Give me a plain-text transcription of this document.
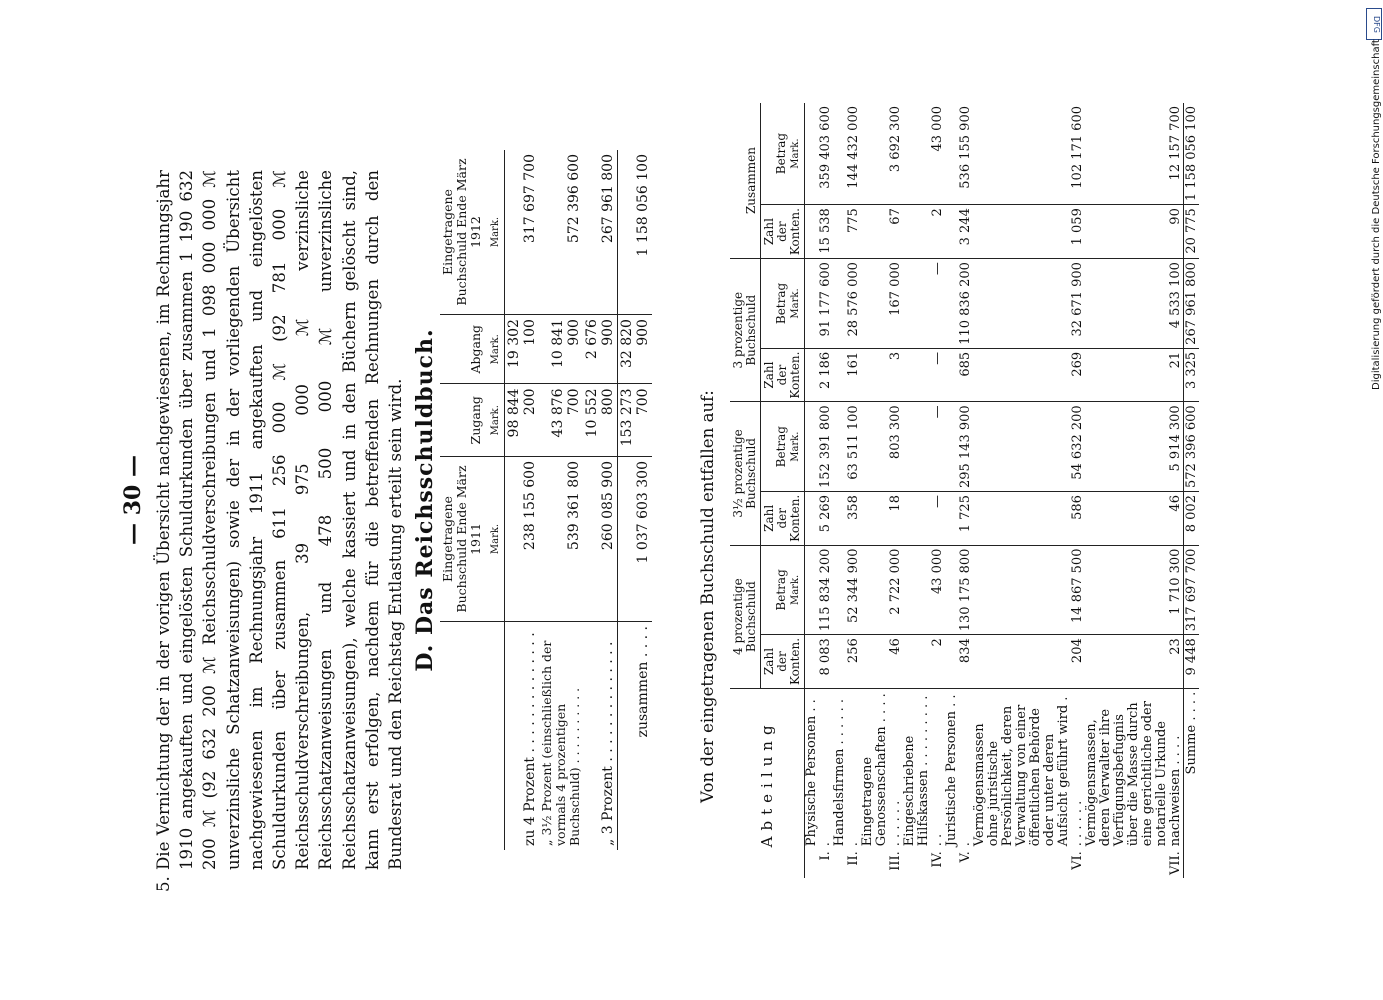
— 30 —
5.

Die Vernichtung der in der vorigen Übersicht nachgewiesenen, im Rechnungsjahr 1910 angekauften und eingelösten Schuldurkunden über zusammen 1 190 632 200 ℳ (92 632 200 ℳ Reichsschuldverschreibungen und 1 098 000 000 ℳ unverzinsliche Schatzanweisungen) sowie der in der vorliegenden Übersicht nachgewiesenen im Rechnungsjahr 1911 angekauften und eingelösten Schuldurkunden über zusammen 611 256 000 ℳ (92 781 000 ℳ Reichsschuldverschreibungen, 39 975 000 ℳ verzinsliche Reichsschatzanweisungen und 478 500 000 ℳ unverzinsliche Reichsschatzanweisungen), welche kassiert und in den Büchern gelöscht sind, kann erst erfolgen, nachdem für die betreffenden Rechnungen durch den Bundesrat und den Reichstag Entlastung erteilt sein wird. D. Das Reichsschuldbuch.
	Eingetragene Buchschuld Ende März 1911 Mark.	Zugang Mark.	Abgang Mark.	Eingetragene Buchschuld Ende März 1912 Mark.

zu 4 Prozent . . . . . . . . . . . . . .	238 155 600	98 844 200	19 302 100	317 697 700
„ 3½ Prozent (einschließlich der vormals 4 prozentigen Buchschuld) . . . . . . . . . .	539 361 800	43 876 700	10 841 900	572 396 600
„ 3 Prozent . . . . . . . . . . . . . .	260 085 900	10 552 800	2 676 900	267 961 800
zusammen . . . .	1 037 603 300	153 273 700	32 820 900	1 158 056 100
Von der eingetragenen Buchschuld entfallen auf:	Abteilung		4 prozentige Buchschuld		3½ prozentige Buchschuld		3 prozentige Buchschuld		Zusammen	
		Zahl der Konten.	Betrag Mark.	Zahl der Konten.	Betrag Mark.	Zahl der Konten.	Betrag Mark.	Zahl der Konten.	Betrag Mark.
I.	Physische Personen . . .	8 083	115 834 200	5 269	152 391 800	2 186	91 177 600	15 538	359 403 600
II.	Handelsfirmen . . . . . . .	256	52 344 900	358	63 511 100	161	28 576 000	775	144 432 000
III.	Eingetragene Genossenschaften . . . . . . . . . .	46	2 722 000	18	803 300	3	167 000	67	3 692 300
IV.	Eingeschriebene Hilfskassen . . . . . . . . . . .	2	43 000	—	—	—	—	2	43 000
V.	Juristische Personen . . .	834	130 175 800	1 725	295 143 900	685	110 836 200	3 244	536 155 900
VI.	Vermögensmassen ohne juristische Persönlichkeit, deren Verwaltung von einer öffentlichen Behörde oder unter deren Aufsicht geführt wird . . . . . . .	204	14 867 500	586	54 632 200	269	32 671 900	1 059	102 171 600
VII.	Vermögensmassen, deren Verwalter ihre Verfügungsbefugnis über die Masse durch eine gerichtliche oder notarielle Urkunde nachweisen . . . .	23	1 710 300	46	5 914 300	21	4 533 100	90	12 157 700
	Summe . . . .	9 448	317 697 700	8 002	572 396 600	3 325	267 961 800	20 775	1 158 056 100
DFG
Digitalisierung gefördert durch die Deutsche Forschungsgemeinschaft
